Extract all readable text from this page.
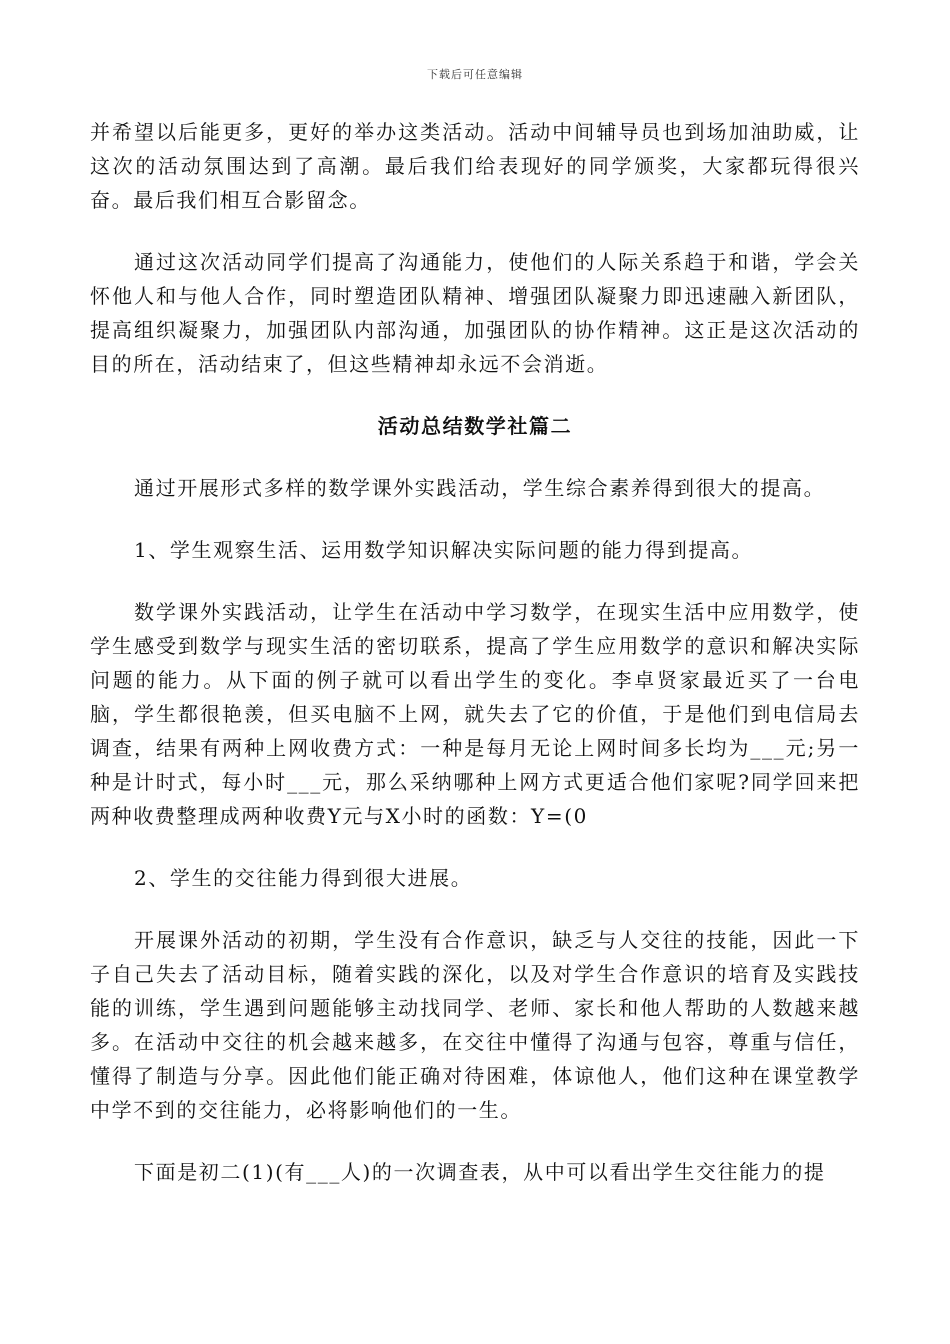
下载后可任意编辑

并希望以后能更多，更好的举办这类活动。活动中间辅导员也到场加油助威，让这次的活动氛围达到了高潮。最后我们给表现好的同学颁奖，大家都玩得很兴奋。最后我们相互合影留念。

通过这次活动同学们提高了沟通能力，使他们的人际关系趋于和谐，学会关怀他人和与他人合作，同时塑造团队精神、增强团队凝聚力即迅速融入新团队，提高组织凝聚力，加强团队内部沟通，加强团队的协作精神。这正是这次活动的目的所在，活动结束了，但这些精神却永远不会消逝。

活动总结数学社篇二

通过开展形式多样的数学课外实践活动，学生综合素养得到很大的提高。

1、学生观察生活、运用数学知识解决实际问题的能力得到提高。

数学课外实践活动，让学生在活动中学习数学，在现实生活中应用数学，使学生感受到数学与现实生活的密切联系，提高了学生应用数学的意识和解决实际问题的能力。从下面的例子就可以看出学生的变化。李卓贤家最近买了一台电脑，学生都很艳羡，但买电脑不上网，就失去了它的价值，于是他们到电信局去调查，结果有两种上网收费方式：一种是每月无论上网时间多长均为___元;另一种是计时式，每小时___元，那么采纳哪种上网方式更适合他们家呢?同学回来把两种收费整理成两种收费Y元与X小时的函数：Y=(0

2、学生的交往能力得到很大进展。

开展课外活动的初期，学生没有合作意识，缺乏与人交往的技能，因此一下子自己失去了活动目标，随着实践的深化，以及对学生合作意识的培育及实践技能的训练，学生遇到问题能够主动找同学、老师、家长和他人帮助的人数越来越多。在活动中交往的机会越来越多，在交往中懂得了沟通与包容，尊重与信任，懂得了制造与分享。因此他们能正确对待困难，体谅他人，他们这种在课堂教学中学不到的交往能力，必将影响他们的一生。

下面是初二(1)(有___人)的一次调查表，从中可以看出学生交往能力的提
